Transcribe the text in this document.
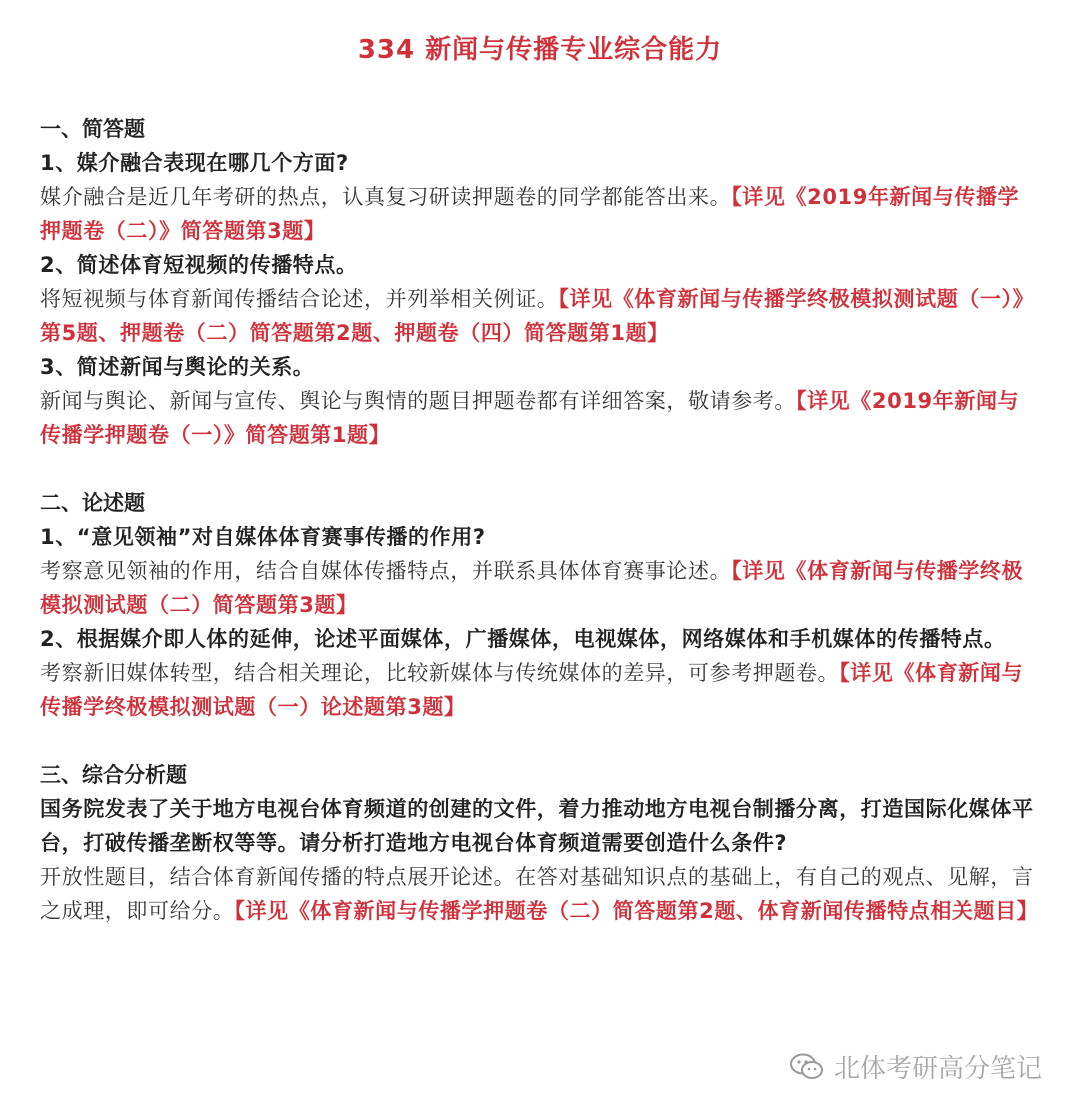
334 新闻与传播专业综合能力
一、简答题
1、媒介融合表现在哪几个方面?
媒介融合是近几年考研的热点，认真复习研读押题卷的同学都能答出来。【详见《2019年新闻与传播学押题卷（二）》简答题第3题】
2、简述体育短视频的传播特点。
将短视频与体育新闻传播结合论述，并列举相关例证。【详见《体育新闻与传播学终极模拟测试题（一）》第5题、押题卷（二）简答题第2题、押题卷（四）简答题第1题】
3、简述新闻与舆论的关系。
新闻与舆论、新闻与宣传、舆论与舆情的题目押题卷都有详细答案，敬请参考。【详见《2019年新闻与传播学押题卷（一）》简答题第1题】
二、论述题
1、“意见领袖”对自媒体体育赛事传播的作用?
考察意见领袖的作用，结合自媒体传播特点，并联系具体体育赛事论述。【详见《体育新闻与传播学终极模拟测试题（二）简答题第3题】
2、根据媒介即人体的延伸，论述平面媒体，广播媒体，电视媒体，网络媒体和手机媒体的传播特点。
考察新旧媒体转型，结合相关理论，比较新媒体与传统媒体的差异，可参考押题卷。【详见《体育新闻与传播学终极模拟测试题（一）论述题第3题】
三、综合分析题
国务院发表了关于地方电视台体育频道的创建的文件，着力推动地方电视台制播分离，打造国际化媒体平台，打破传播垄断权等等。请分析打造地方电视台体育频道需要创造什么条件?
开放性题目，结合体育新闻传播的特点展开论述。在答对基础知识点的基础上，有自己的观点、见解，言之成理，即可给分。【详见《体育新闻与传播学押题卷（二）简答题第2题、体育新闻传播特点相关题目】
北体考研高分笔记
